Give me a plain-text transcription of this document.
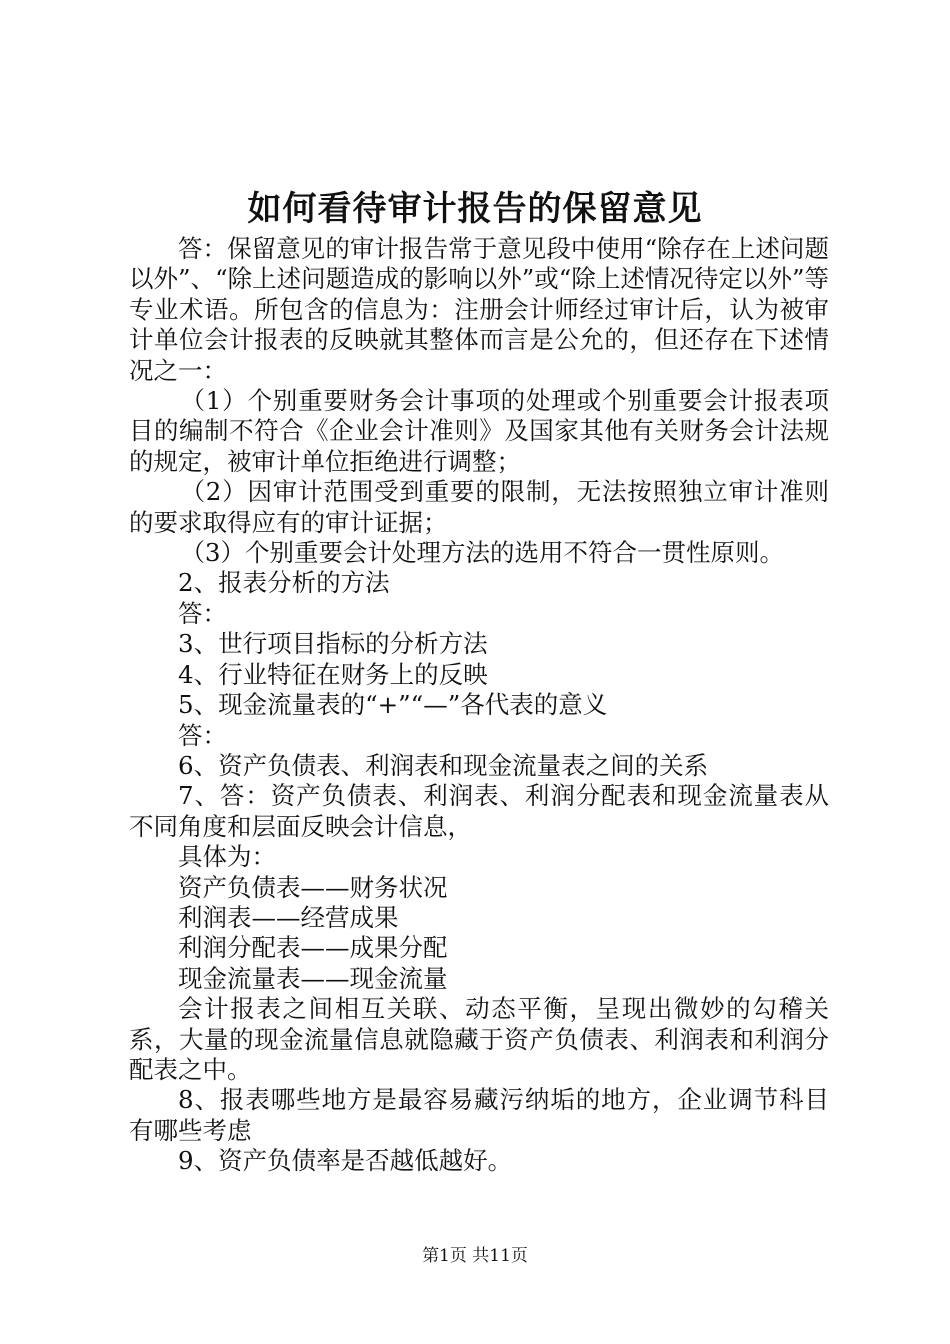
如何看待审计报告的保留意见

答：保留意见的审计报告常于意见段中使用“除存在上述问题以外”、“除上述问题造成的影响以外”或“除上述情况待定以外”等专业术语。所包含的信息为：注册会计师经过审计后，认为被审计单位会计报表的反映就其整体而言是公允的，但还存在下述情况之一：

（1）个别重要财务会计事项的处理或个别重要会计报表项目的编制不符合《企业会计准则》及国家其他有关财务会计法规的规定，被审计单位拒绝进行调整；

（2）因审计范围受到重要的限制，无法按照独立审计准则的要求取得应有的审计证据；

（3）个别重要会计处理方法的选用不符合一贯性原则。

2、报表分析的方法

答：

3、世行项目指标的分析方法

4、行业特征在财务上的反映

5、现金流量表的“+”“—”各代表的意义

答：

6、资产负债表、利润表和现金流量表之间的关系

7、答：资产负债表、利润表、利润分配表和现金流量表从不同角度和层面反映会计信息，

具体为：

资产负债表——财务状况

利润表——经营成果

利润分配表——成果分配

现金流量表——现金流量

会计报表之间相互关联、动态平衡，呈现出微妙的勾稽关系，大量的现金流量信息就隐藏于资产负债表、利润表和利润分配表之中。

8、报表哪些地方是最容易藏污纳垢的地方，企业调节科目有哪些考虑

9、资产负债率是否越低越好。

第1页 共11页
